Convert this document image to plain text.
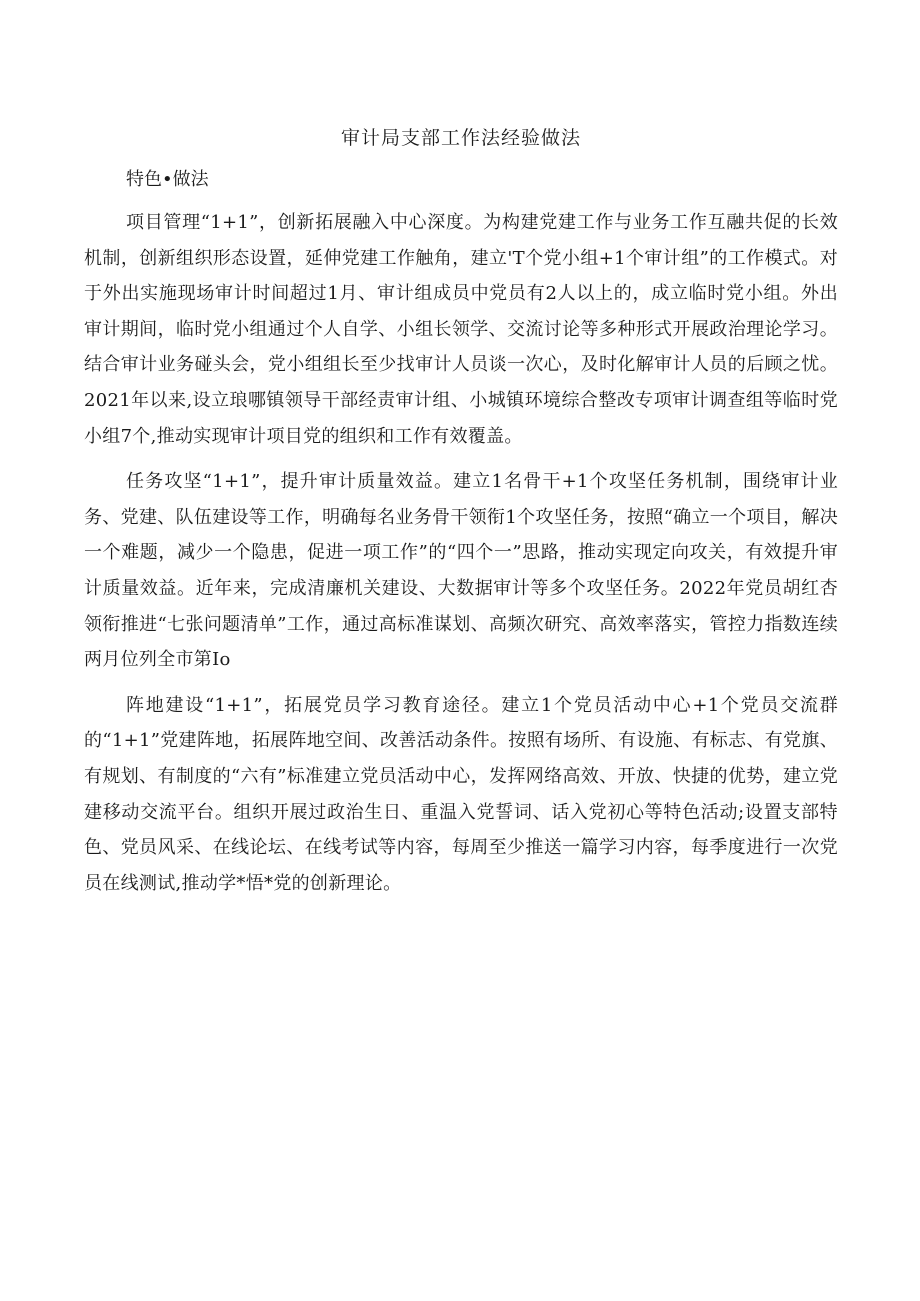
审计局支部工作法经验做法

特色•做法

项目管理“1+1”，创新拓展融入中心深度。为构建党建工作与业务工作互融共促的长效机制，创新组织形态设置，延伸党建工作触角，建立'T个党小组+1个审计组”的工作模式。对于外出实施现场审计时间超过1月、审计组成员中党员有2人以上的，成立临时党小组。外出审计期间，临时党小组通过个人自学、小组长领学、交流讨论等多种形式开展政治理论学习。结合审计业务碰头会，党小组组长至少找审计人员谈一次心，及时化解审计人员的后顾之忧。2021年以来,设立琅哪镇领导干部经责审计组、小城镇环境综合整改专项审计调查组等临时党小组7个,推动实现审计项目党的组织和工作有效覆盖。

任务攻坚“1+1”，提升审计质量效益。建立1名骨干+1个攻坚任务机制，围绕审计业务、党建、队伍建设等工作，明确每名业务骨干领衔1个攻坚任务，按照“确立一个项目，解决一个难题，减少一个隐患，促进一项工作”的“四个一”思路，推动实现定向攻关，有效提升审计质量效益。近年来，完成清廉机关建设、大数据审计等多个攻坚任务。2022年党员胡红杏领衔推进“七张问题清单”工作，通过高标准谋划、高频次研究、高效率落实，管控力指数连续两月位列全市第Io

阵地建设“1+1”，拓展党员学习教育途径。建立1个党员活动中心+1个党员交流群的“1+1”党建阵地，拓展阵地空间、改善活动条件。按照有场所、有设施、有标志、有党旗、有规划、有制度的“六有”标准建立党员活动中心，发挥网络高效、开放、快捷的优势，建立党建移动交流平台。组织开展过政治生日、重温入党誓词、话入党初心等特色活动;设置支部特色、党员风采、在线论坛、在线考试等内容，每周至少推送一篇学习内容，每季度进行一次党员在线测试,推动学*悟*党的创新理论。
